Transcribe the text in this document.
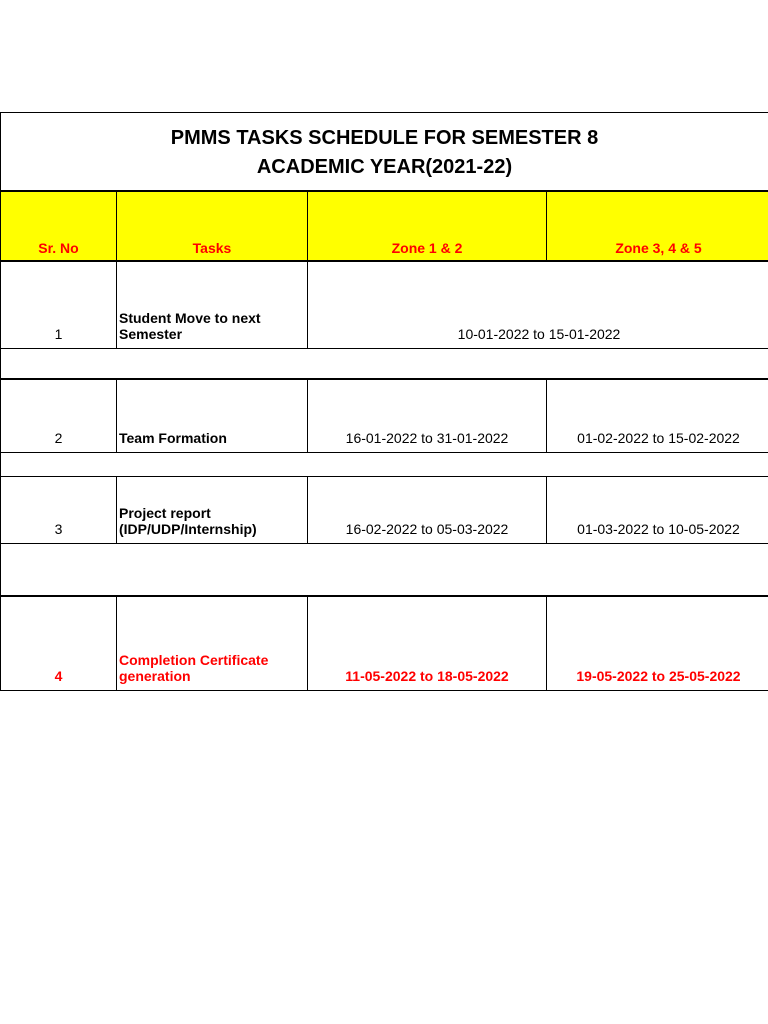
PMMS TASKS SCHEDULE FOR SEMESTER 8
ACADEMIC YEAR(2021-22)
Sr. No	Tasks	Zone 1 & 2	Zone 3, 4 & 5
1	Student Move to next
Semester	10-01-2022 to 15-01-2022	

2	Team Formation	16-01-2022 to 31-01-2022	01-02-2022 to 15-02-2022

3	Project report
(IDP/UDP/Internship)	16-02-2022 to 05-03-2022	01-03-2022 to 10-05-2022

4	Completion Certificate
generation	11-05-2022 to 18-05-2022	19-05-2022 to 25-05-2022
